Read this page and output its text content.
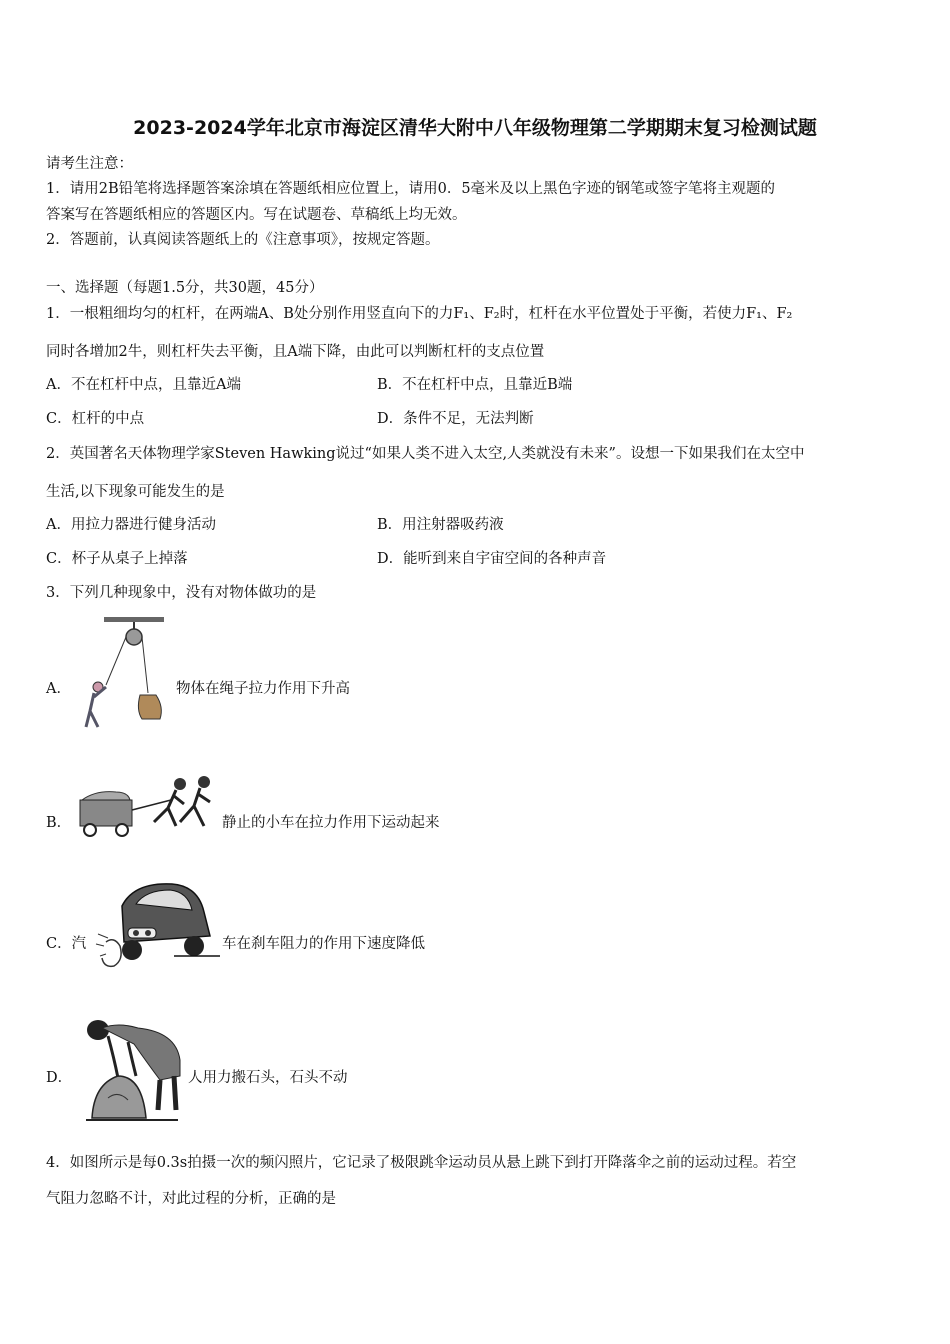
2023-2024学年北京市海淀区清华大附中八年级物理第二学期期末复习检测试题
请考生注意：
1．请用2B铅笔将选择题答案涂填在答题纸相应位置上，请用0．5毫米及以上黑色字迹的钢笔或签字笔将主观题的
答案写在答题纸相应的答题区内。写在试题卷、草稿纸上均无效。
2．答题前，认真阅读答题纸上的《注意事项》，按规定答题。
一、选择题（每题1.5分，共30题，45分）
1．一根粗细均匀的杠杆，在两端A、B处分别作用竖直向下的力F₁、F₂时，杠杆在水平位置处于平衡，若使力F₁、F₂
同时各增加2牛，则杠杆失去平衡，且A端下降，由此可以判断杠杆的支点位置
A．不在杠杆中点，且靠近A端	B．不在杠杆中点，且靠近B端
C．杠杆的中点	D．条件不足，无法判断
2．英国著名天体物理学家Steven Hawking说过“如果人类不进入太空,人类就没有未来”。设想一下如果我们在太空中
生活,以下现象可能发生的是
A．用拉力器进行健身活动	B．用注射器吸药液
C．杯子从桌子上掉落	D．能听到来自宇宙空间的各种声音
3．下列几种现象中，没有对物体做功的是
A．	物体在绳子拉力作用下升高
B．	静止的小车在拉力作用下运动起来
C．汽	车在刹车阻力的作用下速度降低
D．	人用力搬石头，石头不动
4．如图所示是每0.3s拍摄一次的频闪照片，它记录了极限跳伞运动员从悬上跳下到打开降落伞之前的运动过程。若空
气阻力忽略不计，对此过程的分析，正确的是
